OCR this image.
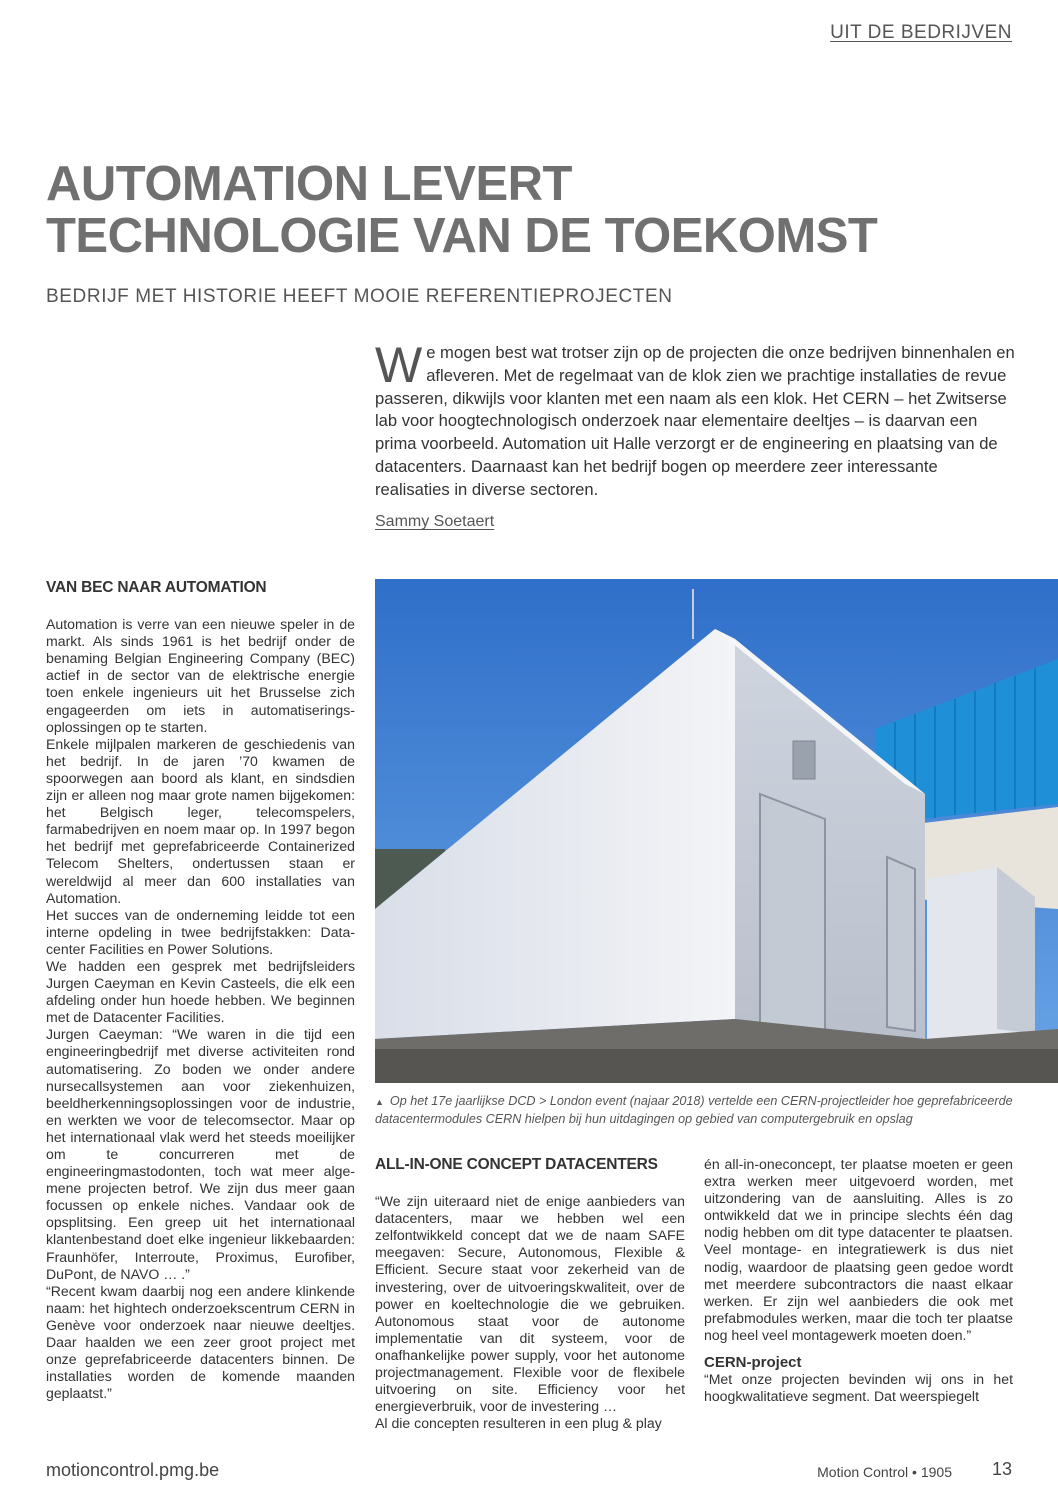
UIT DE BEDRIJVEN
AUTOMATION LEVERT
TECHNOLOGIE VAN DE TOEKOMST
BEDRIJF MET HISTORIE HEEFT MOOIE REFERENTIEPROJECTEN
We mogen best wat trotser zijn op de projecten die onze bedrijven binnenhalen en afleveren. Met de regelmaat van de klok zien we prachtige installaties de revue passeren, dikwijls voor klanten met een naam als een klok. Het CERN – het Zwitserse lab voor hoogtechnologisch onderzoek naar elementaire deeltjes – is daarvan een prima voorbeeld. Automation uit Halle verzorgt er de engineering en plaatsing van de datacenters. Daarnaast kan het bedrijf bogen op meerdere zeer interessante realisaties in diverse sectoren.
Sammy Soetaert
VAN BEC NAAR AUTOMATION

Automation is verre van een nieuwe speler in de markt. Als sinds 1961 is het bedrijf onder de benaming Belgian Engineering Company (BEC) actief in de sector van de elektrische energie toen enkele ingenieurs uit het Brusselse zich engageerden om iets in automatiseringsoplossingen op te starten.

Enkele mijlpalen markeren de geschiedenis van het bedrijf. In de jaren ’70 kwamen de spoorwegen aan boord als klant, en sindsdien zijn er alleen nog maar grote namen bijgekomen: het Belgisch leger, telecomspelers, farmabedrijven en noem maar op. In 1997 begon het bedrijf met geprefabriceerde Containerized Telecom Shelters, ondertussen staan er wereldwijd al meer dan 600 installaties van Automation.

Het succes van de onderneming leidde tot een interne opdeling in twee bedrijfstakken: Datacenter Facilities en Power Solutions.

We hadden een gesprek met bedrijfsleiders Jurgen Caeyman en Kevin Casteels, die elk een afdeling onder hun hoede hebben. We beginnen met de Datacenter Facilities.

Jurgen Caeyman: “We waren in die tijd een engineeringbedrijf met diverse activiteiten rond automatisering. Zo boden we onder andere nursecallsystemen aan voor ziekenhuizen, beeldherkenningsoplossingen voor de industrie, en werkten we voor de telecomsector. Maar op het internationaal vlak werd het steeds moeilijker om te concurreren met de engineeringmastodonten, toch wat meer algemene projecten betrof. We zijn dus meer gaan focussen op enkele niches. Vandaar ook de opsplitsing. Een greep uit het internationaal klantenbestand doet elke ingenieur likkebaarden: Fraunhöfer, Interroute, Proximus, Eurofiber, DuPont, de NAVO … .”

“Recent kwam daarbij nog een andere klinkende naam: het hightech onderzoekscentrum CERN in Genève voor onderzoek naar nieuwe deeltjes. Daar haalden we een zeer groot project met onze geprefabriceerde datacenters binnen. De installaties worden de komende maanden geplaatst.”

▲ Op het 17e jaarlijkse DCD > London event (najaar 2018) vertelde een CERN-projectleider hoe geprefabriceerde datacentermodules CERN hielpen bij hun uitdagingen op gebied van computergebruik en opslag
ALL-IN-ONE CONCEPT DATACENTERS

“We zijn uiteraard niet de enige aanbieders van datacenters, maar we hebben wel een zelfontwikkeld concept dat we de naam SAFE meegaven: Secure, Autonomous, Flexible & Efficient. Secure staat voor zekerheid van de investering, over de uitvoeringskwaliteit, over de power en koeltechnologie die we gebruiken. Autonomous staat voor de autonome implementatie van dit systeem, voor de onafhankelijke power supply, voor het autonome projectmanagement. Flexible voor de flexibele uitvoering on site. Efficiency voor het energieverbruik, voor de investering …

Al die concepten resulteren in een plug & play

én all-in-oneconcept, ter plaatse moeten er geen extra werken meer uitgevoerd worden, met uitzondering van de aansluiting. Alles is zo ontwikkeld dat we in principe slechts één dag nodig hebben om dit type datacenter te plaatsen. Veel montage- en integratiewerk is dus niet nodig, waardoor de plaatsing geen gedoe wordt met meerdere subcontractors die naast elkaar werken. Er zijn wel aanbieders die ook met prefabmodules werken, maar die toch ter plaatse nog heel veel montagewerk moeten doen.”

CERN-project

“Met onze projecten bevinden wij ons in het hoogkwalitatieve segment. Dat weerspiegelt

motioncontrol.pmg.be	Motion Control • 1905 13
